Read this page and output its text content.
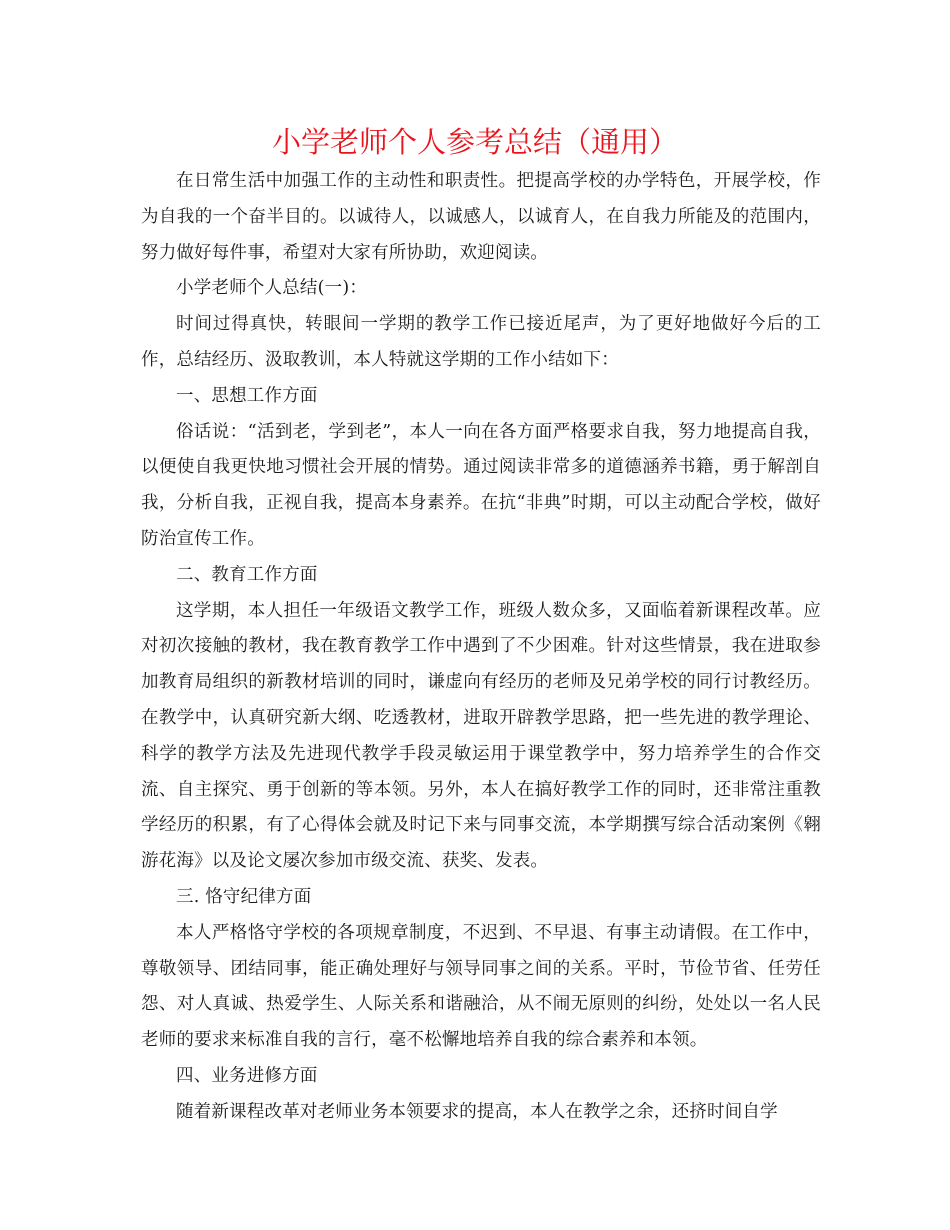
小学老师个人参考总结（通用）

在日常生活中加强工作的主动性和职责性。把提高学校的办学特色，开展学校，作为自我的一个奋半目的。以诚待人，以诚感人，以诚育人，在自我力所能及的范围内，努力做好每件事，希望对大家有所协助，欢迎阅读。

小学老师个人总结(一)：

时间过得真快，转眼间一学期的教学工作已接近尾声，为了更好地做好今后的工作，总结经历、汲取教训，本人特就这学期的工作小结如下：

一、思想工作方面

俗话说：“活到老，学到老”，本人一向在各方面严格要求自我，努力地提高自我，以便使自我更快地习惯社会开展的情势。通过阅读非常多的道德涵养书籍，勇于解剖自我，分析自我，正视自我，提高本身素养。在抗“非典”时期，可以主动配合学校，做好防治宣传工作。

二、教育工作方面

这学期，本人担任一年级语文教学工作，班级人数众多，又面临着新课程改革。应对初次接触的教材，我在教育教学工作中遇到了不少困难。针对这些情景，我在进取参加教育局组织的新教材培训的同时，谦虚向有经历的老师及兄弟学校的同行讨教经历。在教学中，认真研究新大纲、吃透教材，进取开辟教学思路，把一些先进的教学理论、科学的教学方法及先进现代教学手段灵敏运用于课堂教学中，努力培养学生的合作交流、自主探究、勇于创新的等本领。另外，本人在搞好教学工作的同时，还非常注重教学经历的积累，有了心得体会就及时记下来与同事交流，本学期撰写综合活动案例《翱游花海》以及论文屡次参加市级交流、获奖、发表。

三. 恪守纪律方面

本人严格恪守学校的各项规章制度，不迟到、不早退、有事主动请假。在工作中，尊敬领导、团结同事，能正确处理好与领导同事之间的关系。平时，节俭节省、任劳任怨、对人真诚、热爱学生、人际关系和谐融洽，从不闹无原则的纠纷，处处以一名人民老师的要求来标准自我的言行，毫不松懈地培养自我的综合素养和本领。

四、业务进修方面

随着新课程改革对老师业务本领要求的提高，本人在教学之余，还挤时间自学
